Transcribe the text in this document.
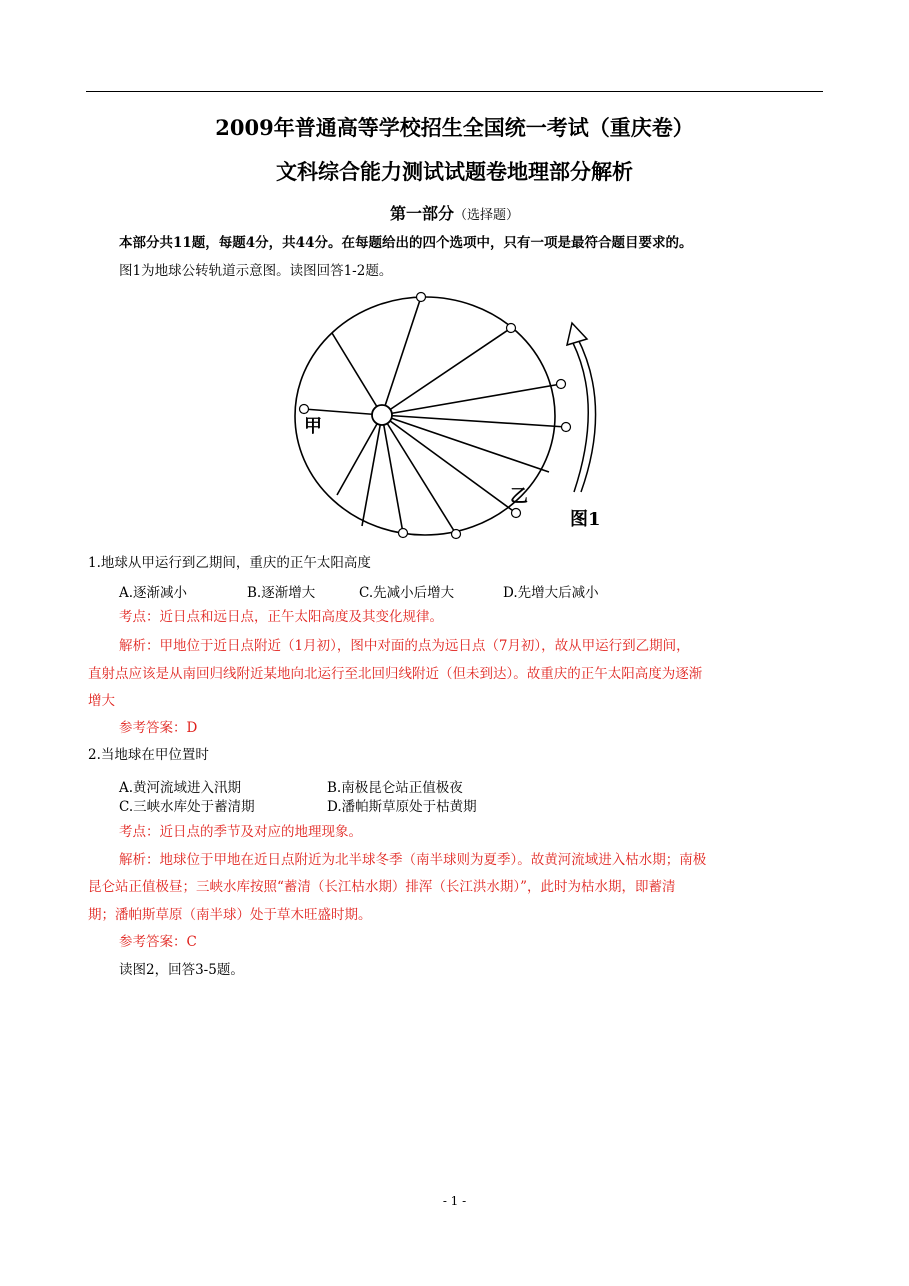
2009年普通高等学校招生全国统一考试（重庆卷）
文科综合能力测试试题卷地理部分解析
第一部分（选择题）
本部分共11题，每题4分，共44分。在每题给出的四个选项中，只有一项是最符合题目要求的。
图1为地球公转轨道示意图。读图回答1-2题。
甲
乙
图1
1.地球从甲运行到乙期间，重庆的正午太阳高度
A.逐渐减小	B.逐渐增大	C.先减小后增大	D.先增大后减小
考点：近日点和远日点，正午太阳高度及其变化规律。
解析：甲地位于近日点附近（1月初），图中对面的点为远日点（7月初），故从甲运行到乙期间，
直射点应该是从南回归线附近某地向北运行至北回归线附近（但未到达）。故重庆的正午太阳高度为逐渐
增大
参考答案：D
2.当地球在甲位置时
A.黄河流域进入汛期	B.南极昆仑站正值极夜
C.三峡水库处于蓄清期	D.潘帕斯草原处于枯黄期
考点：近日点的季节及对应的地理现象。
解析：地球位于甲地在近日点附近为北半球冬季（南半球则为夏季）。故黄河流域进入枯水期；南极
昆仑站正值极昼；三峡水库按照“蓄清（长江枯水期）排浑（长江洪水期）”，此时为枯水期，即蓄清
期；潘帕斯草原（南半球）处于草木旺盛时期。
参考答案：C
读图2，回答3-5题。
- 1 -
